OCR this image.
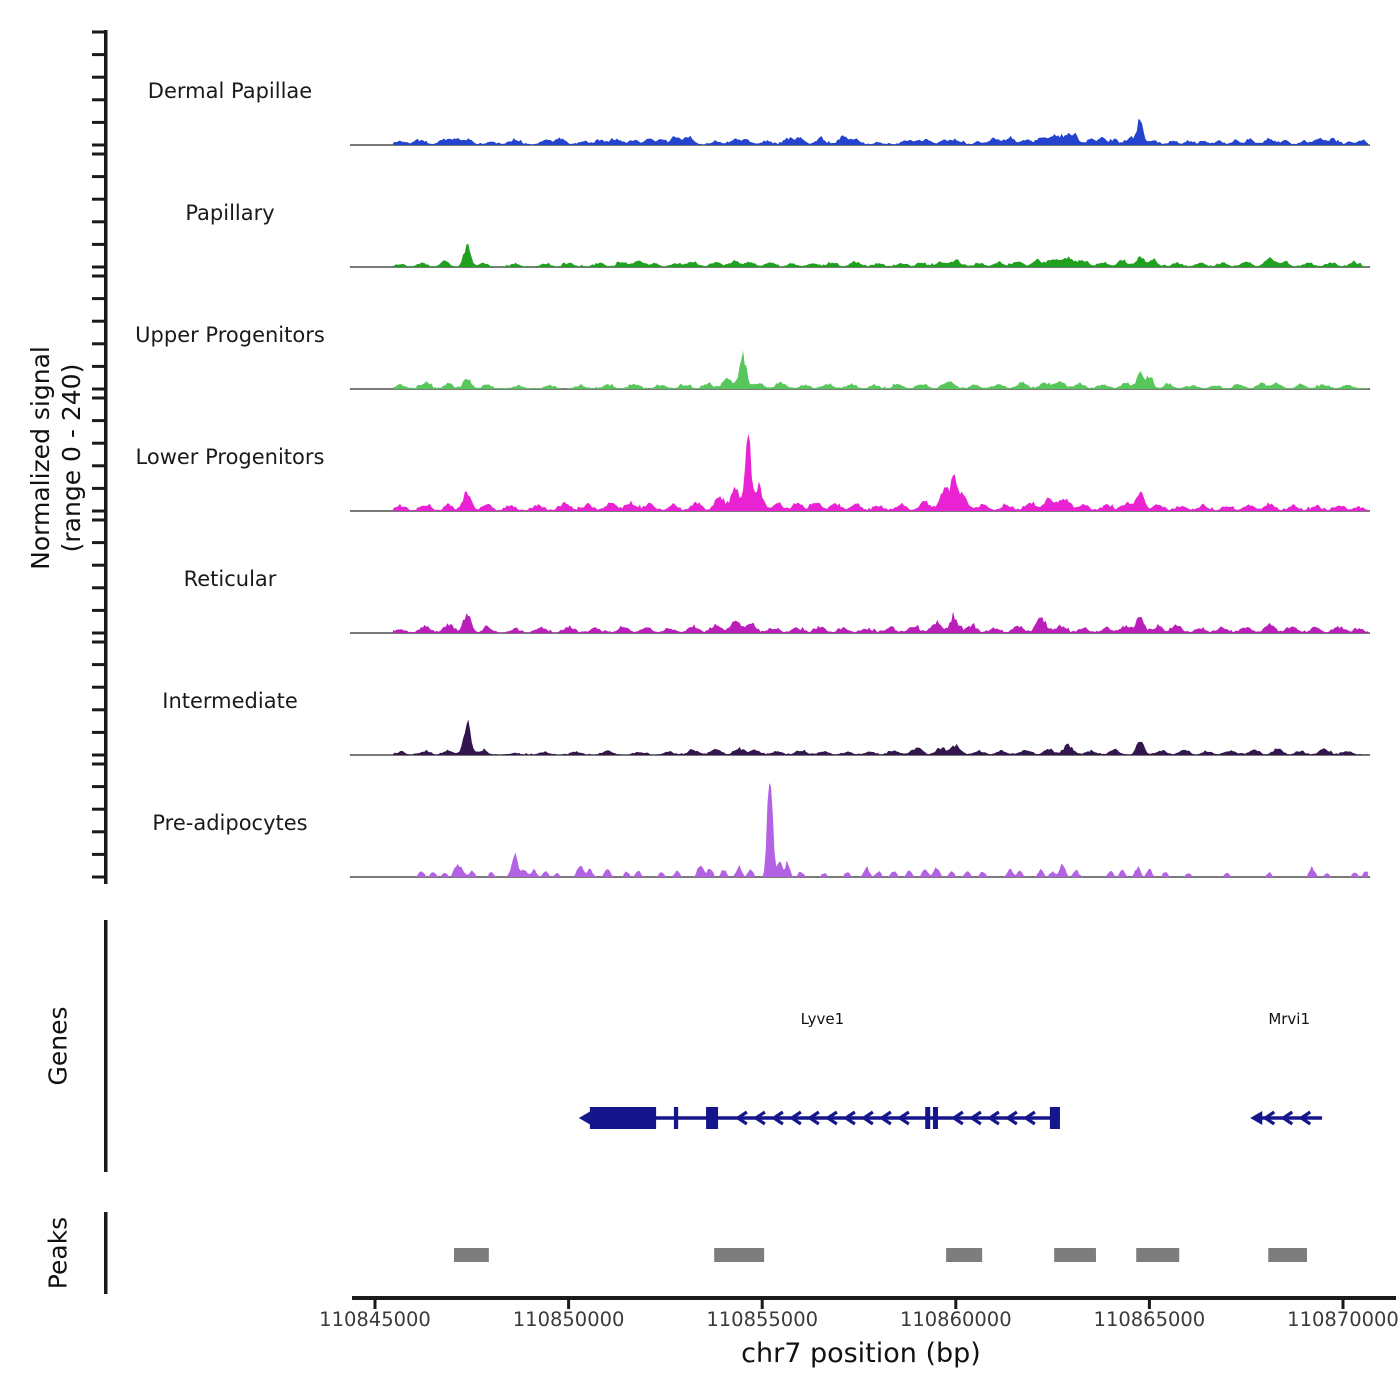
Normalized signal (range 0 - 240)
Genes
Peaks
chr7 position (bp)
Dermal Papillae
Papillary
Upper Progenitors
Lower Progenitors
Reticular
Intermediate
Pre-adipocytes
Lyve1	Mrvi1
110845000	110850000	110855000	110860000	110865000	110870000
